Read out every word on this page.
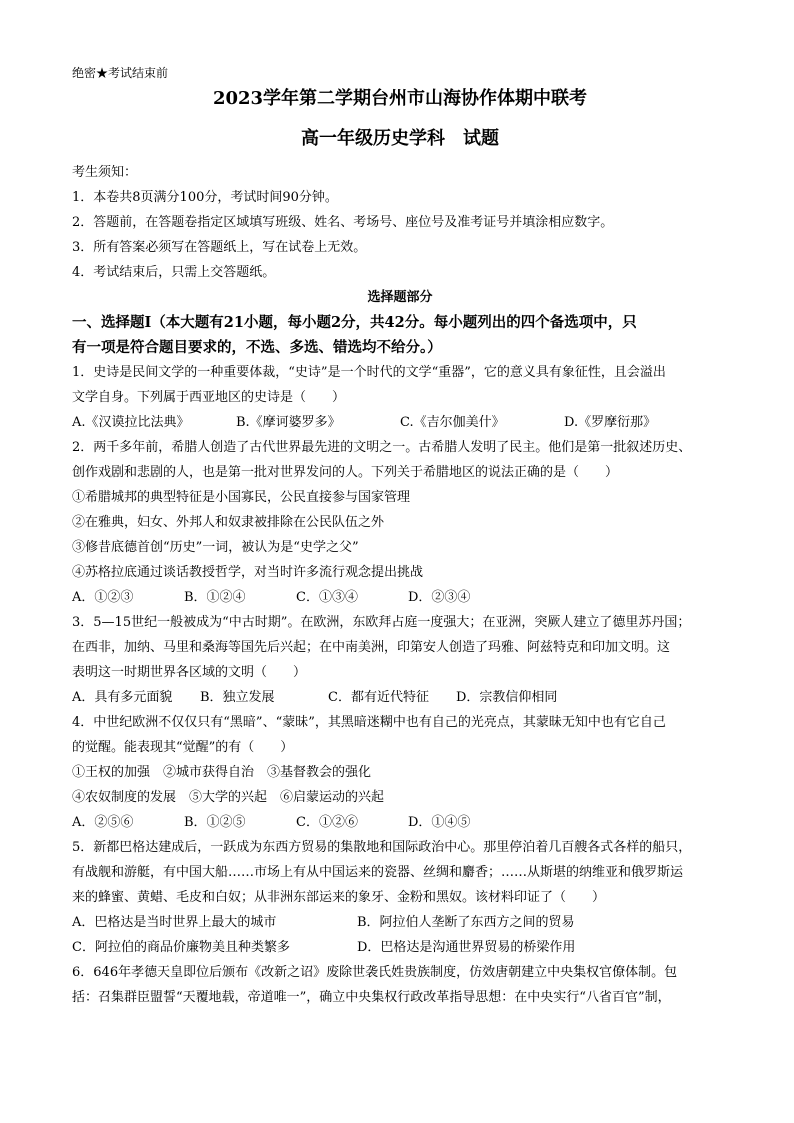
绝密★考试结束前
2023学年第二学期台州市山海协作体期中联考
高一年级历史学科　试题
考生须知：
1．本卷共8页满分100分，考试时间90分钟。
2．答题前，在答题卷指定区域填写班级、姓名、考场号、座位号及准考证号并填涂相应数字。
3．所有答案必须写在答题纸上，写在试卷上无效。
4．考试结束后，只需上交答题纸。
选择题部分
一、选择题Ⅰ（本大题有21小题，每小题2分，共42分。每小题列出的四个备选项中，只
有一项是符合题目要求的，不选、多选、错选均不给分。）
1．史诗是民间文学的一种重要体裁，“史诗”是一个时代的文学“重器”，它的意义具有象征性，且会溢出
文学自身。下列属于西亚地区的史诗是（　　）
A.《汉谟拉比法典》	B.《摩诃婆罗多》	C.《吉尔伽美什》	D.《罗摩衍那》
2．两千多年前，希腊人创造了古代世界最先进的文明之一。古希腊人发明了民主。他们是第一批叙述历史、
创作戏剧和悲剧的人，也是第一批对世界发问的人。下列关于希腊地区的说法正确的是（　　）
①希腊城邦的典型特征是小国寡民，公民直接参与国家管理
②在雅典，妇女、外邦人和奴隶被排除在公民队伍之外
③修昔底德首创“历史”一词，被认为是“史学之父”
④苏格拉底通过谈话教授哲学，对当时许多流行观念提出挑战
A．①②③	B．①②④	C．①③④	D．②③④
3．5—15世纪一般被成为“中古时期”。在欧洲，东欧拜占庭一度强大；在亚洲，突厥人建立了德里苏丹国；
在西非，加纳、马里和桑海等国先后兴起；在中南美洲，印第安人创造了玛雅、阿兹特克和印加文明。这
表明这一时期世界各区域的文明（　　）
A．具有多元面貌	B．独立发展	C．都有近代特征	D．宗教信仰相同
4．中世纪欧洲不仅仅只有“黑暗”、“蒙昧”，其黑暗迷糊中也有自己的光亮点，其蒙昧无知中也有它自己
的觉醒。能表现其“觉醒”的有（　　）
①王权的加强　②城市获得自治　③基督教会的强化
④农奴制度的发展　⑤大学的兴起　⑥启蒙运动的兴起
A．②⑤⑥	B．①②⑤	C．①②⑥	D．①④⑤
5．新都巴格达建成后，一跃成为东西方贸易的集散地和国际政治中心。那里停泊着几百艘各式各样的船只，
有战舰和游艇，有中国大船……市场上有从中国运来的瓷器、丝绸和麝香；……从斯堪的纳维亚和俄罗斯运
来的蜂蜜、黄蜡、毛皮和白奴；从非洲东部运来的象牙、金粉和黑奴。该材料印证了（　　）
A．巴格达是当时世界上最大的城市	B．阿拉伯人垄断了东西方之间的贸易
C．阿拉伯的商品价廉物美且种类繁多	D．巴格达是沟通世界贸易的桥梁作用
6．646年孝德天皇即位后颁布《改新之诏》废除世袭氏姓贵族制度，仿效唐朝建立中央集权官僚体制。包
括：召集群臣盟誓“天覆地载，帝道唯一”，确立中央集权行政改革指导思想：在中央实行“八省百官”制，
